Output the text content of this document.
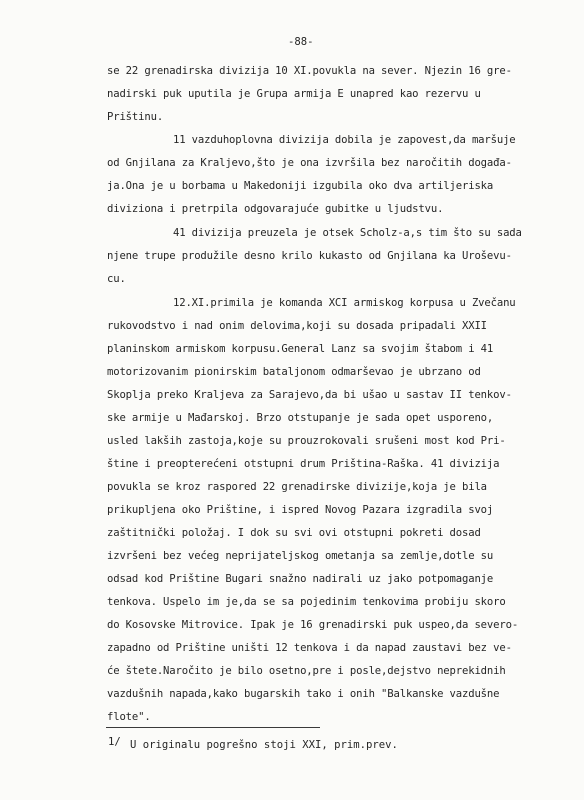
-88-
se 22 grenadirska divizija 10 XI.povukla na sever. Njezin 16 gre-
nadirski puk uputila je Grupa armija E unapred kao rezervu u
Prištinu.
11 vazduhoplovna divizija dobila je zapovest,da maršuje
od Gnjilana za Kraljevo,što je ona izvršila bez naročitih događa-
ja.Ona je u borbama u Makedoniji izgubila oko dva artiljeriska
diviziona i pretrpila odgovarajuće gubitke u ljudstvu.
41 divizija preuzela je otsek Scholz-a,s tim što su sada
njene trupe produžile desno krilo kukasto od Gnjilana ka Uroševu-
cu.
12.XI.primila je komanda XCI armiskog korpusa u Zvečanu
rukovodstvo i nad onim delovima,koji su dosada pripadali XXII
planinskom armiskom korpusu.General Lanz sa svojim štabom i 41
motorizovanim pionirskim bataljonom odmarševao je ubrzano od
Skoplja preko Kraljeva za Sarajevo,da bi ušao u sastav II tenkov-
ske armije u Mađarskoj. Brzo otstupanje je sada opet usporeno,
usled lakših zastoja,koje su prouzrokovali srušeni most kod Pri-
štine i preopterećeni otstupni drum Priština-Raška. 41 divizija
povukla se kroz raspored 22 grenadirske divizije,koja je bila
prikupljena oko Prištine, i ispred Novog Pazara izgradila svoj
zaštitnički položaj. I dok su svi ovi otstupni pokreti dosad
izvršeni bez većeg neprijateljskog ometanja sa zemlje,dotle su
odsad kod Prištine Bugari snažno nadirali uz jako potpomaganje
tenkova. Uspelo im je,da se sa pojedinim tenkovima probiju skoro
do Kosovske Mitrovice. Ipak je 16 grenadirski puk uspeo,da severo-
zapadno od Prištine uništi 12 tenkova i da napad zaustavi bez ve-
će štete.Naročito je bilo osetno,pre i posle,dejstvo neprekidnih
vazdušnih napada,kako bugarskih tako i onih "Balkanske vazdušne
flote".
1/ U originalu pogrešno stoji XXI, prim.prev.
